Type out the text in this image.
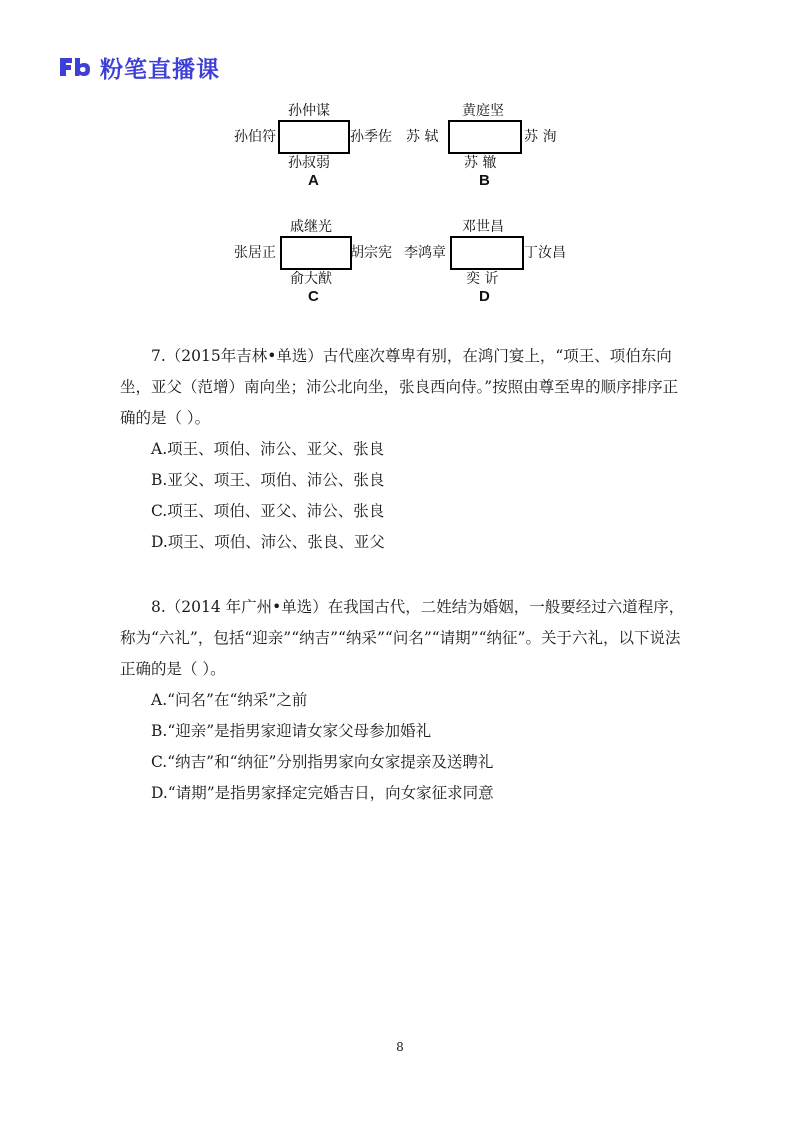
粉笔直播课
孙仲谋
孙伯符	孙季佐
孙叔弱
A
黄庭坚
苏 轼	苏 洵
苏 辙
B
戚继光
张居正	胡宗宪
俞大猷
C
邓世昌
李鸿章	丁汝昌
奕 䜣
D

7.（2015年吉林•单选）古代座次尊卑有别，在鸿门宴上，“项王、项伯东向坐，亚父（范增）南向坐；沛公北向坐，张良西向侍。”按照由尊至卑的顺序排序正确的是（ ）。

A.项王、项伯、沛公、亚父、张良

B.亚父、项王、项伯、沛公、张良

C.项王、项伯、亚父、沛公、张良

D.项王、项伯、沛公、张良、亚父

8.（2014 年广州•单选）在我国古代，二姓结为婚姻，一般要经过六道程序，称为“六礼”，包括“迎亲”“纳吉”“纳采”“问名”“请期”“纳征”。关于六礼，以下说法正确的是（ ）。

A.“问名”在“纳采”之前

B.“迎亲”是指男家迎请女家父母参加婚礼

C.“纳吉”和“纳征”分别指男家向女家提亲及送聘礼

D.“请期”是指男家择定完婚吉日，向女家征求同意

8
